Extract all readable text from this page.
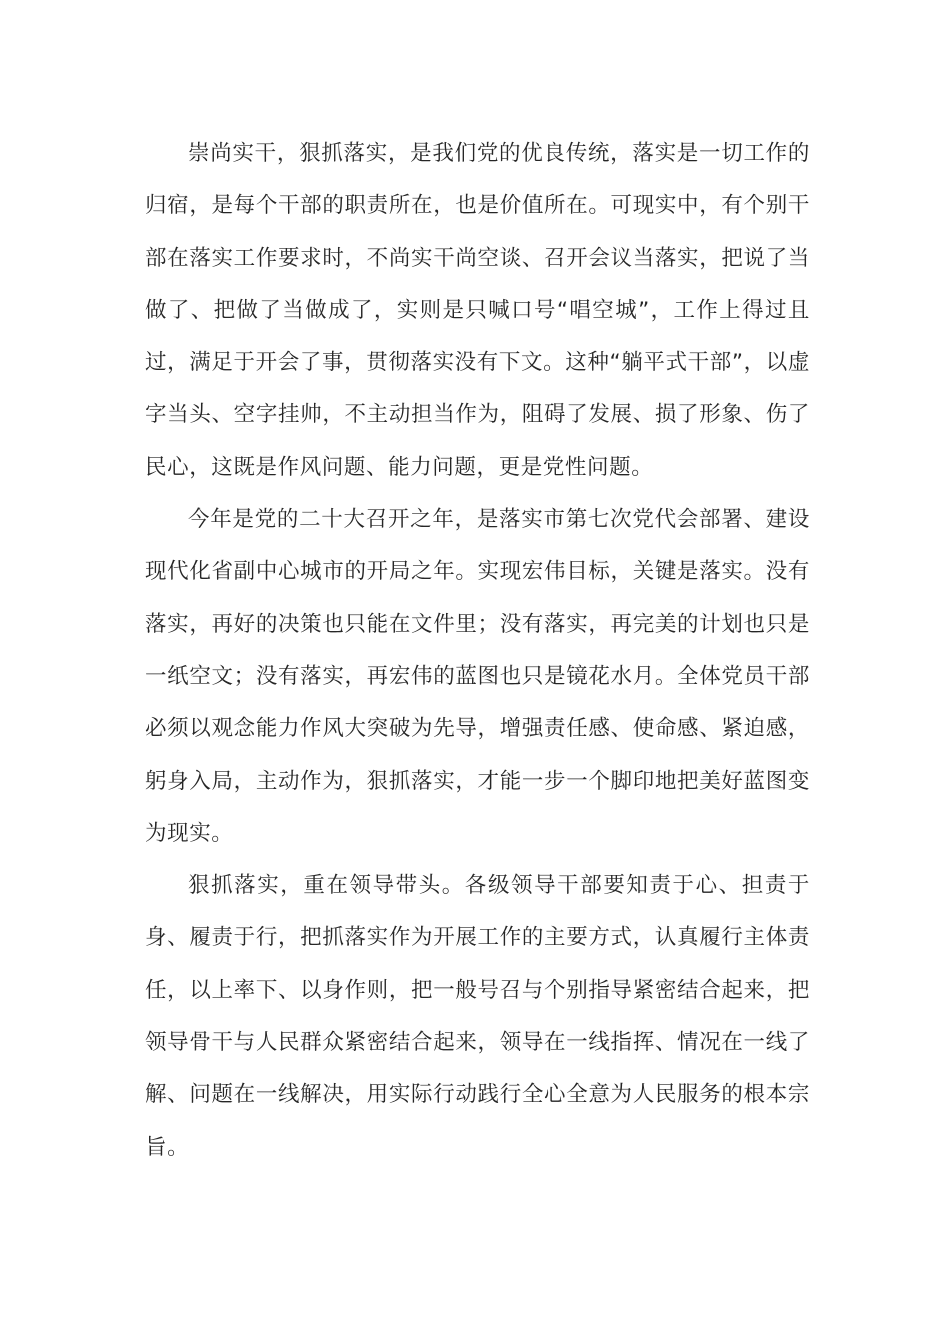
崇尚实干，狠抓落实，是我们党的优良传统，落实是一切工作的归宿，是每个干部的职责所在，也是价值所在。可现实中，有个别干部在落实工作要求时，不尚实干尚空谈、召开会议当落实，把说了当做了、把做了当做成了，实则是只喊口号“唱空城”，工作上得过且过，满足于开会了事，贯彻落实没有下文。这种“躺平式干部”，以虚字当头、空字挂帅，不主动担当作为，阻碍了发展、损了形象、伤了民心，这既是作风问题、能力问题，更是党性问题。

今年是党的二十大召开之年，是落实市第七次党代会部署、建设现代化省副中心城市的开局之年。实现宏伟目标，关键是落实。没有落实，再好的决策也只能在文件里；没有落实，再完美的计划也只是一纸空文；没有落实，再宏伟的蓝图也只是镜花水月。全体党员干部必须以观念能力作风大突破为先导，增强责任感、使命感、紧迫感，躬身入局，主动作为，狠抓落实，才能一步一个脚印地把美好蓝图变为现实。

狠抓落实，重在领导带头。各级领导干部要知责于心、担责于身、履责于行，把抓落实作为开展工作的主要方式，认真履行主体责任，以上率下、以身作则，把一般号召与个别指导紧密结合起来，把领导骨干与人民群众紧密结合起来，领导在一线指挥、情况在一线了解、问题在一线解决，用实际行动践行全心全意为人民服务的根本宗旨。
